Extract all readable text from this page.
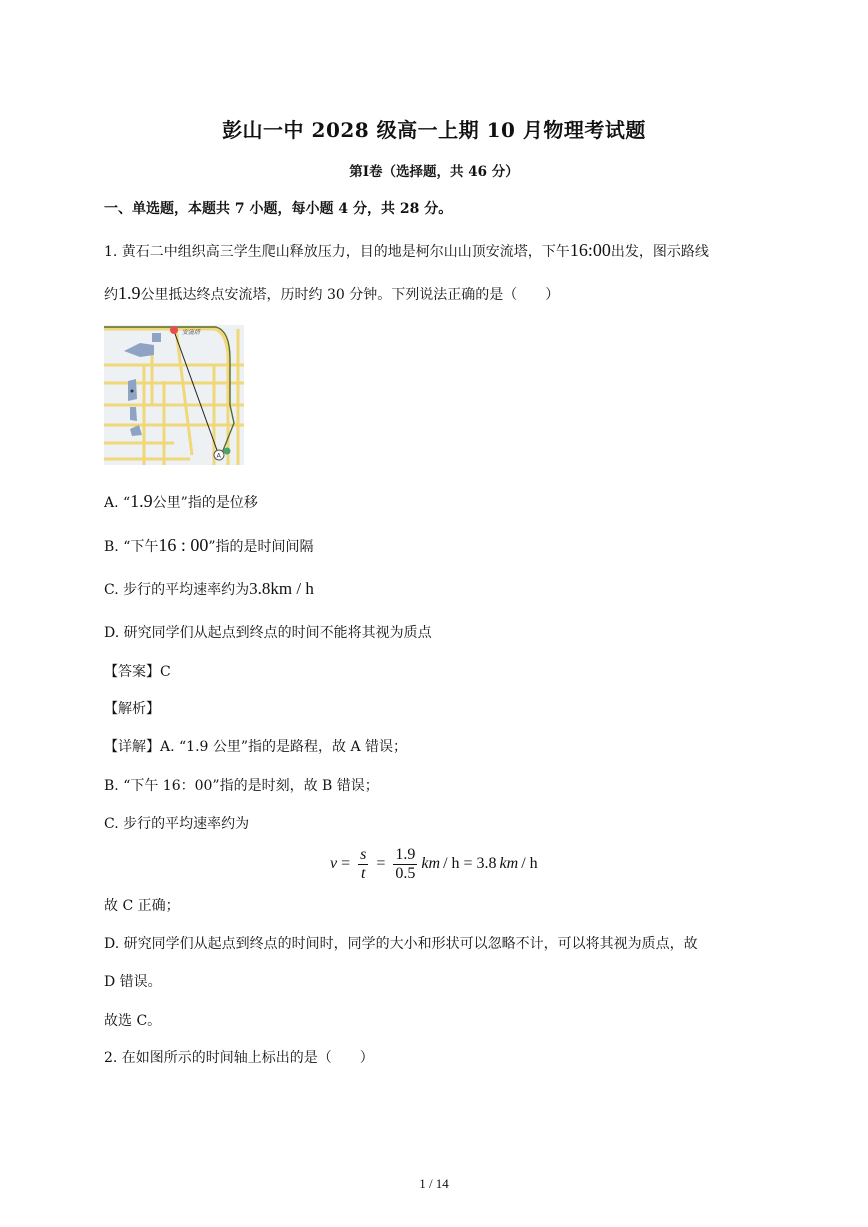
彭山一中 2028 级高一上期 10 月物理考试题
第Ⅰ卷（选择题，共 46 分）
一、单选题，本题共 7 小题，每小题 4 分，共 28 分。
1. 黄石二中组织高三学生爬山释放压力，目的地是柯尔山山顶安流塔，下午16:00出发，图示路线
约1.9公里抵达终点安流塔，历时约 30 分钟。下列说法正确的是（　　）
安流塔
A
A. “1.9公里”指的是位移
B. “下午16 : 00”指的是时间间隔
C. 步行的平均速率约为3.8km / h
D. 研究同学们从起点到终点的时间不能将其视为质点
【答案】C
【解析】
【详解】A. “1.9 公里”指的是路程，故 A 错误；
B. “下午 16：00”指的是时刻，故 B 错误；
C. 步行的平均速率约为
$v = \frac{s}{t} = \frac{1.9}{0.5}$ km / h = 3.8 km / h
故 C 正确；
D. 研究同学们从起点到终点的时间时，同学的大小和形状可以忽略不计，可以将其视为质点，故
D 错误。
故选 C。
2. 在如图所示的时间轴上标出的是（　　）
1 / 14
